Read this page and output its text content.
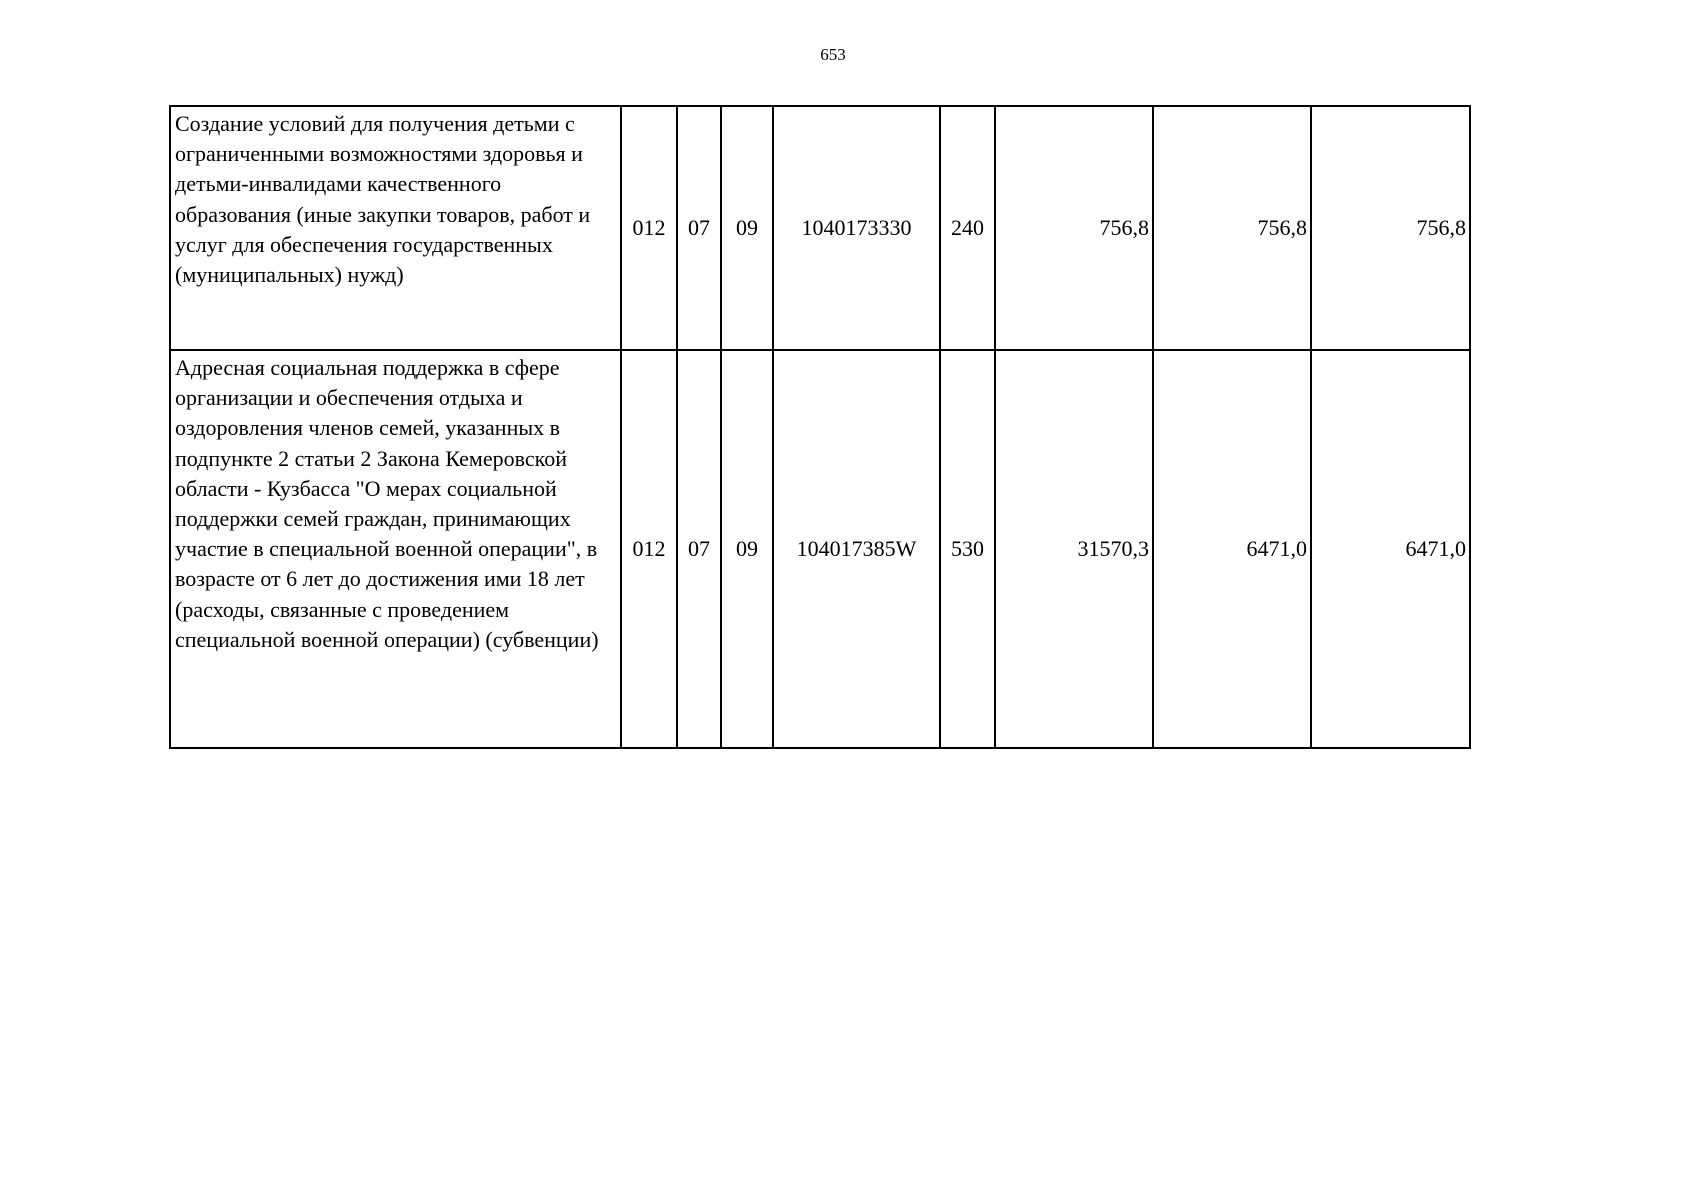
653
Создание условий для получения детьми с ограниченными возможностями здоровья и детьми-инвалидами качественного образования (иные закупки товаров, работ и услуг для обеспечения государственных (муниципальных) нужд)	012	07	09	1040173330	240	756,8	756,8	756,8
Адресная социальная поддержка в сфере организации и обеспечения отдыха и оздоровления членов семей, указанных в подпункте 2 статьи 2 Закона Кемеровской области - Кузбасса "О мерах социальной поддержки семей граждан, принимающих участие в специальной военной операции", в возрасте от 6 лет до достижения ими 18 лет (расходы, связанные с проведением специальной военной операции) (субвенции)	012	07	09	104017385W	530	31570,3	6471,0	6471,0
